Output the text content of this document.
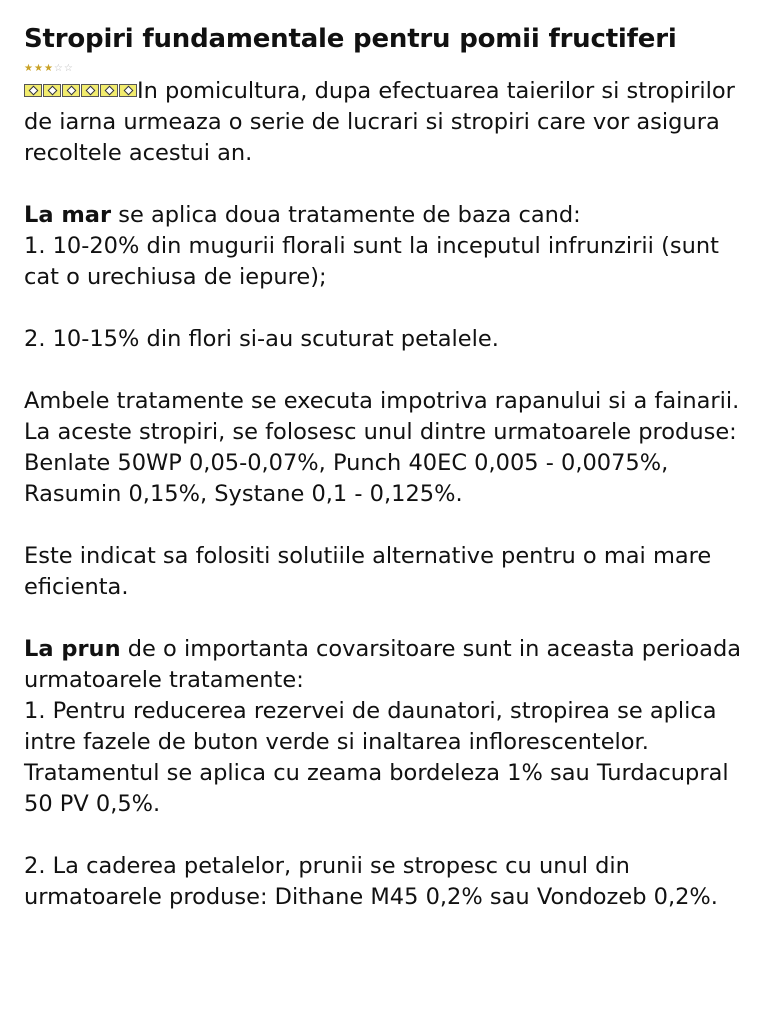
Stropiri fundamentale pentru pomii fructiferi
★ ★ ★ ☆ ☆

In pomicultura, dupa efectuarea taierilor si stropirilor de iarna urmeaza o serie de lucrari si stropiri care vor asigura recoltele acestui an.

La mar se aplica doua tratamente de baza cand:

1. 10-20% din mugurii florali sunt la inceputul infrunzirii (sunt cat o urechiusa de iepure);

2. 10-15% din flori si-au scuturat petalele.

Ambele tratamente se executa impotriva rapanului si a fainarii. La aceste stropiri, se folosesc unul dintre urmatoarele produse: Benlate 50WP 0,05-0,07%, Punch 40EC 0,005 - 0,0075%, Rasumin 0,15%, Systane 0,1 - 0,125%.

Este indicat sa folositi solutiile alternative pentru o mai mare eficienta.

La prun de o importanta covarsitoare sunt in aceasta perioada urmatoarele tratamente:

1. Pentru reducerea rezervei de daunatori, stropirea se aplica intre fazele de buton verde si inaltarea inflorescentelor. Tratamentul se aplica cu zeama bordeleza 1% sau Turdacupral 50 PV 0,5%.

2. La caderea petalelor, prunii se stropesc cu unul din urmatoarele produse: Dithane M45 0,2% sau Vondozeb 0,2%.
